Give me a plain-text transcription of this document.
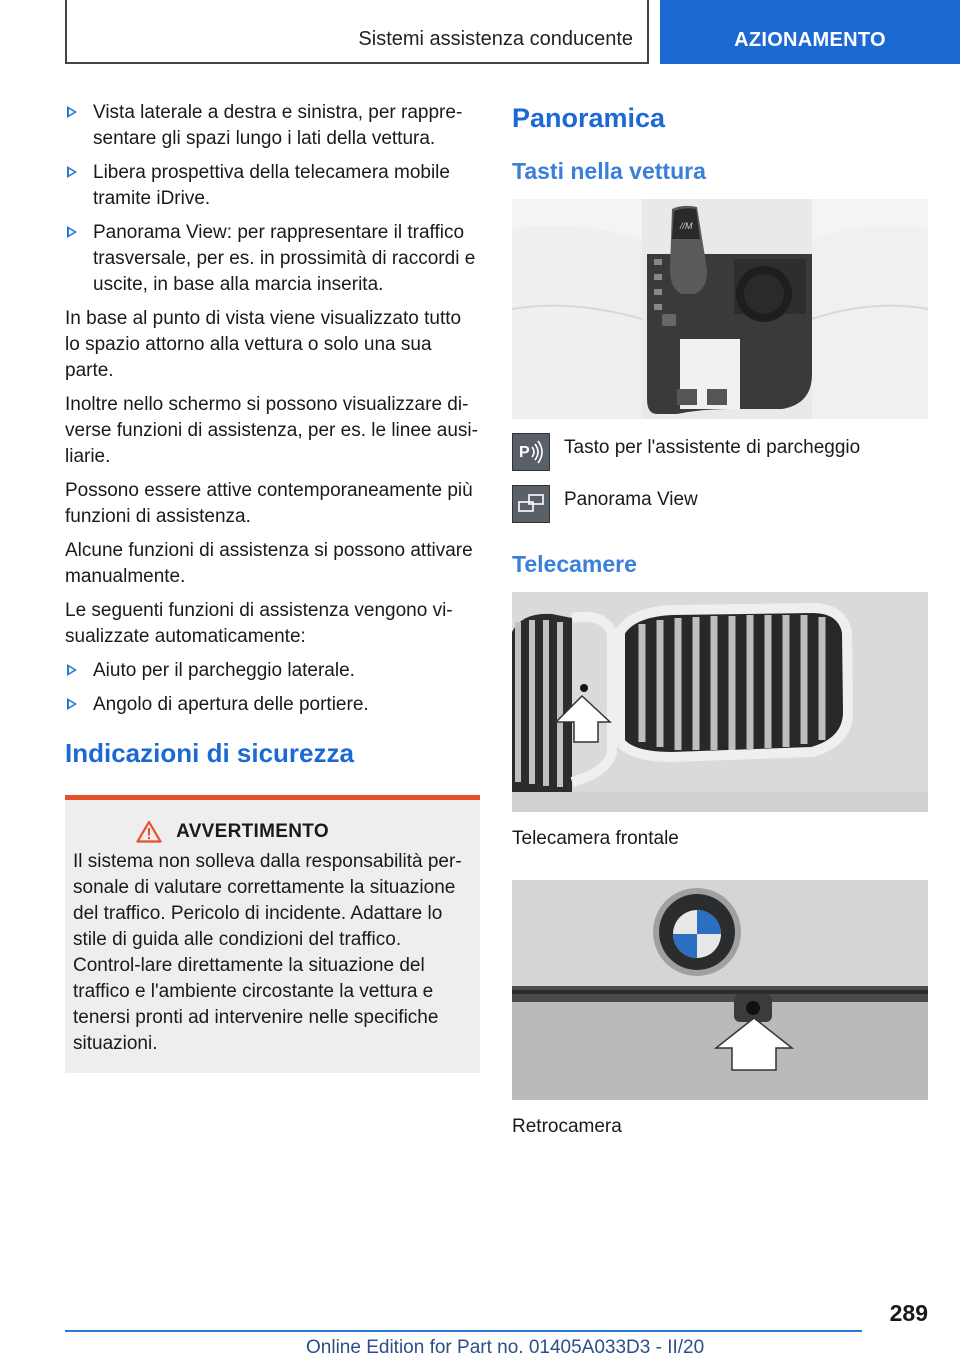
Sistemi assistenza conducente	AZIONAMENTO
Vista laterale a destra e sinistra, per rappre-sentare gli spazi lungo i lati della vettura.
Libera prospettiva della telecamera mobile tramite iDrive.
Panorama View: per rappresentare il traffico trasversale, per es. in prossimità di raccordi e uscite, in base alla marcia inserita.

In base al punto di vista viene visualizzato tutto lo spazio attorno alla vettura o solo una sua parte.

Inoltre nello schermo si possono visualizzare di-verse funzioni di assistenza, per es. le linee ausi-liarie.

Possono essere attive contemporaneamente più funzioni di assistenza.

Alcune funzioni di assistenza si possono attivare manualmente.

Le seguenti funzioni di assistenza vengono vi-sualizzate automaticamente:

Aiuto per il parcheggio laterale.
Angolo di apertura delle portiere.
Indicazioni di sicurezza
AVVERTIMENTO

Il sistema non solleva dalla responsabilità per-sonale di valutare correttamente la situazione del traffico. Pericolo di incidente. Adattare lo stile di guida alle condizioni del traffico. Control-lare direttamente la situazione del traffico e l'ambiente circostante la vettura e tenersi pronti ad intervenire nelle specifiche situazioni.

Panoramica
Tasti nella vettura
//M
P Tasto per l'assistente di parcheggio
Panorama View
Telecamere

Telecamera frontale

Retrocamera

289
Online Edition for Part no. 01405A033D3 - II/20
